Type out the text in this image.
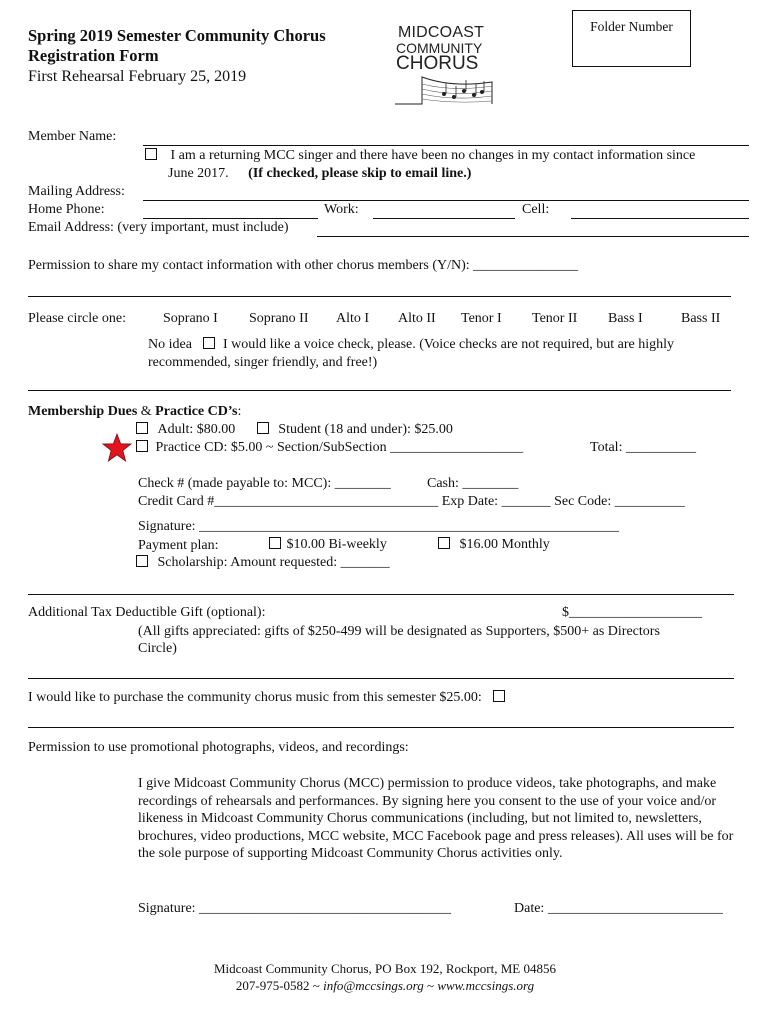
Spring 2019 Semester Community Chorus
Registration Form
First Rehearsal February 25, 2019
MIDCOAST
COMMUNITY
CHORUS
Folder Number
Member Name:
I am a returning MCC singer and there have been no changes in my contact information since
June 2017. (If checked, please skip to email line.)
Mailing Address:
Home Phone:	Work:	Cell:
Email Address: (very important, must include)
Permission to share my contact information with other chorus members (Y/N): _______________
Please circle one:	Soprano I Soprano II Alto I Alto II Tenor I Tenor II Bass I	Bass II
No idea I would like a voice check, please. (Voice checks are not required, but are highly
recommended, singer friendly, and free!)
Membership Dues & Practice CD’s:
Adult: $80.00	Student (18 and under): $25.00
Practice CD: $5.00 ~ Section/SubSection ___________________	Total: __________
Check # (made payable to: MCC): ________	Cash: ________
Credit Card #________________________________ Exp Date: _______ Sec Code: __________
Signature: ____________________________________________________________
Payment plan:	$10.00 Bi-weekly	$16.00 Monthly
Scholarship: Amount requested: _______
Additional Tax Deductible Gift (optional):	$___________________
(All gifts appreciated: gifts of $250-499 will be designated as Supporters, $500+ as Directors
Circle)
I would like to purchase the community chorus music from this semester $25.00:
Permission to use promotional photographs, videos, and recordings:
I give Midcoast Community Chorus (MCC) permission to produce videos, take photographs, and make recordings of rehearsals and performances. By signing here you consent to the use of your voice and/or likeness in Midcoast Community Chorus communications (including, but not limited to, newsletters, brochures, video productions, MCC website, MCC Facebook page and press releases). All uses will be for the sole purpose of supporting Midcoast Community Chorus activities only.
Signature: ____________________________________	Date: _________________________
Midcoast Community Chorus, PO Box 192, Rockport, ME 04856
207-975-0582 ~ info@mccsings.org ~ www.mccsings.org
